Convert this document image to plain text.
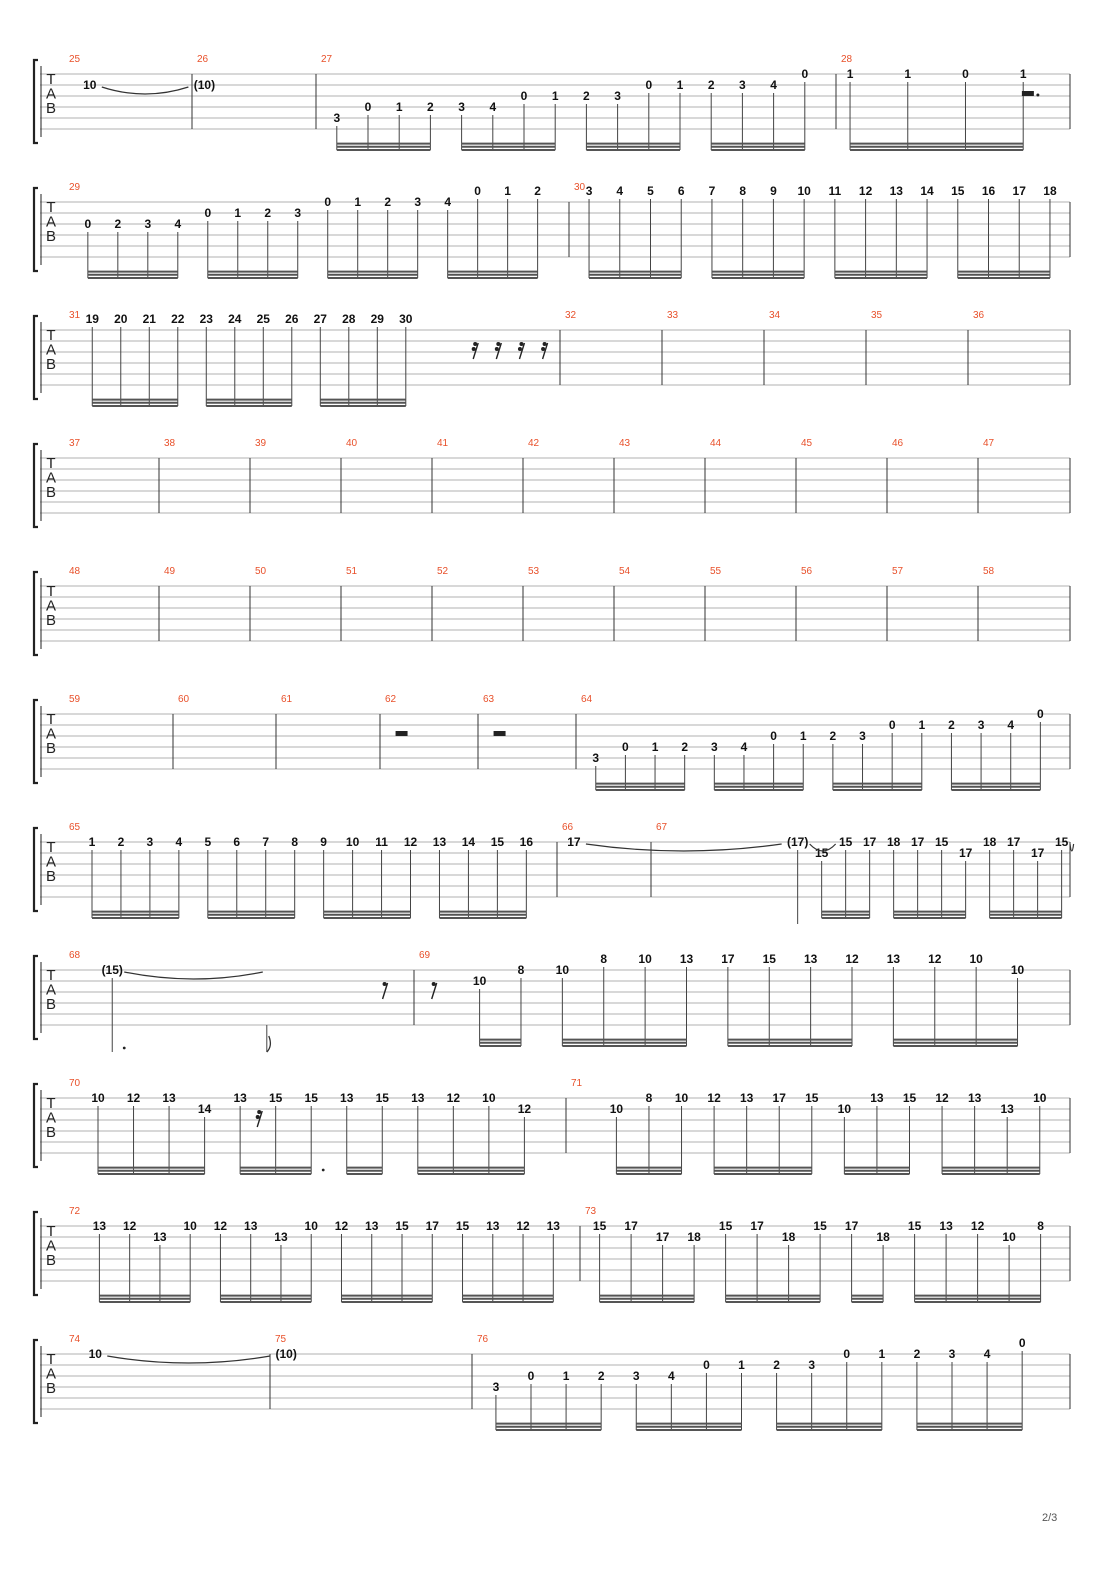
T
A
B
25
10
26
(10)
27
3
0 1 2 3 4
0 1 2 3
0 1 2 3 4
0
28
1	1	0	1
T
A
B
29
0 2 3 4
0 1 2 3
0 1 2 3 4
0 1 2	30 3 4 5 6 7 8 9 10 11 12 13 14 15 16 17 18
T
A
B
31 19 20 21 22 23 24 25 26 27 28 29 30	32	33	34	35	36
T
A
B
37	38	39	40	41	42	43	44	45	46	47
T
A
B
48	49	50	51	52	53	54	55	56	57	58
T
A
B
59	60	61	62	63	64
3
0 1 2 3 4
0 1 2 3
0 1 2 3 4
0
T
A
B
65
1 2 3 4 5 6 7 8 9 10 11 12 13 14 15 16
66
17
67
(17)
15
15 17 18 17 15
17
18 17
17
15
T
A
B
68
(15)
69
10
8	10
8	10 13 17 15 13 12 13 12 10
10
T
A
B
70
10 12 13
14
13 15 15 13 15 13 12 10
12
71
10
8 10 12 13 17 15
10
13 15 12 13
13
10
T
A
B
72
13 12
13
10 12 13
13
10 12 13 15 17 15 13 12 13
73
15 17
17 18
15 17
18
15 17
18
15 13 12
10
8
T
A
B
74
10
75
(10)
76
3
0 1 2 3 4
0 1 2 3
0 1 2 3 4
0
2/3
